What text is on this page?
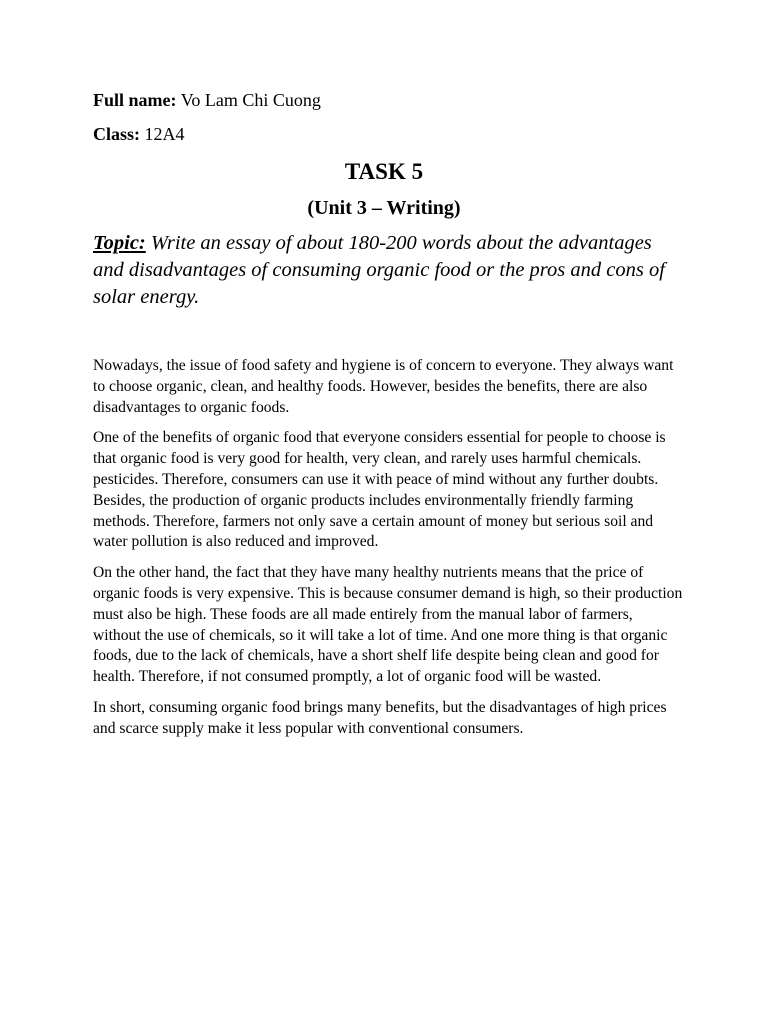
Full name: Vo Lam Chi Cuong
Class: 12A4
TASK 5
(Unit 3 – Writing)
Topic: Write an essay of about 180-200 words about the advantages and disadvantages of consuming organic food or the pros and cons of solar energy.

Nowadays, the issue of food safety and hygiene is of concern to everyone. They always want to choose organic, clean, and healthy foods. However, besides the benefits, there are also disadvantages to organic foods.

One of the benefits of organic food that everyone considers essential for people to choose is that organic food is very good for health, very clean, and rarely uses harmful chemicals. pesticides. Therefore, consumers can use it with peace of mind without any further doubts. Besides, the production of organic products includes environmentally friendly farming methods. Therefore, farmers not only save a certain amount of money but serious soil and water pollution is also reduced and improved.

On the other hand, the fact that they have many healthy nutrients means that the price of organic foods is very expensive. This is because consumer demand is high, so their production must also be high. These foods are all made entirely from the manual labor of farmers, without the use of chemicals, so it will take a lot of time. And one more thing is that organic foods, due to the lack of chemicals, have a short shelf life despite being clean and good for health. Therefore, if not consumed promptly, a lot of organic food will be wasted.

In short, consuming organic food brings many benefits, but the disadvantages of high prices and scarce supply make it less popular with conventional consumers.
